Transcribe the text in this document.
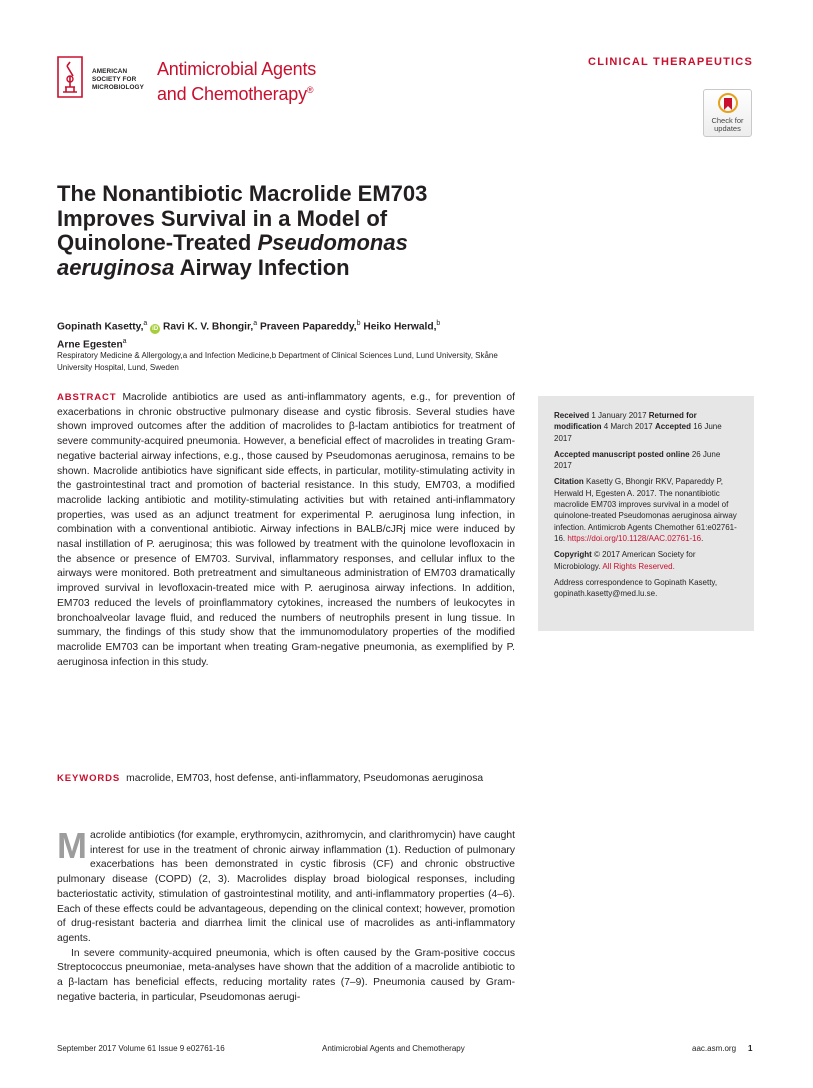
AMERICAN
SOCIETY FOR
MICROBIOLOGY
Antimicrobial Agents
and Chemotherapy®
CLINICAL THERAPEUTICS
Check for updates
The Nonantibiotic Macrolide EM703 Improves Survival in a Model of Quinolone-Treated Pseudomonas aeruginosa Airway Infection
Gopinath Kasetty,$^a$ iD Ravi K. V. Bhongir,$^a$ Praveen Papareddy,$^b$ Heiko Herwald,$^b$
Arne Egesten$^a$
Respiratory Medicine & Allergology,a and Infection Medicine,b Department of Clinical Sciences Lund, Lund University, Skåne University Hospital, Lund, Sweden
ABSTRACT Macrolide antibiotics are used as anti-inflammatory agents, e.g., for prevention of exacerbations in chronic obstructive pulmonary disease and cystic fibrosis. Several studies have shown improved outcomes after the addition of macrolides to β-lactam antibiotics for treatment of severe community-acquired pneumonia. However, a beneficial effect of macrolides in treating Gram-negative bacterial airway infections, e.g., those caused by Pseudomonas aeruginosa, remains to be shown. Macrolide antibiotics have significant side effects, in particular, motility-stimulating activity in the gastrointestinal tract and promotion of bacterial resistance. In this study, EM703, a modified macrolide lacking antibiotic and motility-stimulating activities but with retained anti-inflammatory properties, was used as an adjunct treatment for experimental P. aeruginosa lung infection, in combination with a conventional antibiotic. Airway infections in BALB/cJRj mice were induced by nasal instillation of P. aeruginosa; this was followed by treatment with the quinolone levofloxacin in the absence or presence of EM703. Survival, inflammatory responses, and cellular influx to the airways were monitored. Both pretreatment and simultaneous administration of EM703 dramatically improved survival in levofloxacin-treated mice with P. aeruginosa airway infections. In addition, EM703 reduced the levels of proinflammatory cytokines, increased the numbers of leukocytes in bronchoalveolar lavage fluid, and reduced the numbers of neutrophils present in lung tissue. In summary, the findings of this study show that the immunomodulatory properties of the modified macrolide EM703 can be important when treating Gram-negative pneumonia, as exemplified by P. aeruginosa infection in this study.
KEYWORDS macrolide, EM703, host defense, anti-inflammatory, Pseudomonas aeruginosa

Received 1 January 2017 Returned for modification 4 March 2017 Accepted 16 June 2017

Accepted manuscript posted online 26 June 2017

Citation Kasetty G, Bhongir RKV, Papareddy P, Herwald H, Egesten A. 2017. The nonantibiotic macrolide EM703 improves survival in a model of quinolone-treated Pseudomonas aeruginosa airway infection. Antimicrob Agents Chemother 61:e02761-16. https://doi.org/10.1128/AAC.02761-16.

Copyright © 2017 American Society for Microbiology. All Rights Reserved.

Address correspondence to Gopinath Kasetty, gopinath.kasetty@med.lu.se.

Macrolide antibiotics (for example, erythromycin, azithromycin, and clarithromycin) have caught interest for use in the treatment of chronic airway inflammation (1). Reduction of pulmonary exacerbations has been demonstrated in cystic fibrosis (CF) and chronic obstructive pulmonary disease (COPD) (2, 3). Macrolides display broad biological responses, including bacteriostatic activity, stimulation of gastrointestinal motility, and anti-inflammatory properties (4–6). Each of these effects could be advantageous, depending on the clinical context; however, promotion of drug-resistant bacteria and diarrhea limit the clinical use of macrolides as anti-inflammatory agents.

In severe community-acquired pneumonia, which is often caused by the Gram-positive coccus Streptococcus pneumoniae, meta-analyses have shown that the addition of a macrolide antibiotic to a β-lactam has beneficial effects, reducing mortality rates (7–9). Pneumonia caused by Gram-negative bacteria, in particular, Pseudomonas aerugi-

September 2017 Volume 61 Issue 9 e02761-16	Antimicrobial Agents and Chemotherapy	aac.asm.org 1
